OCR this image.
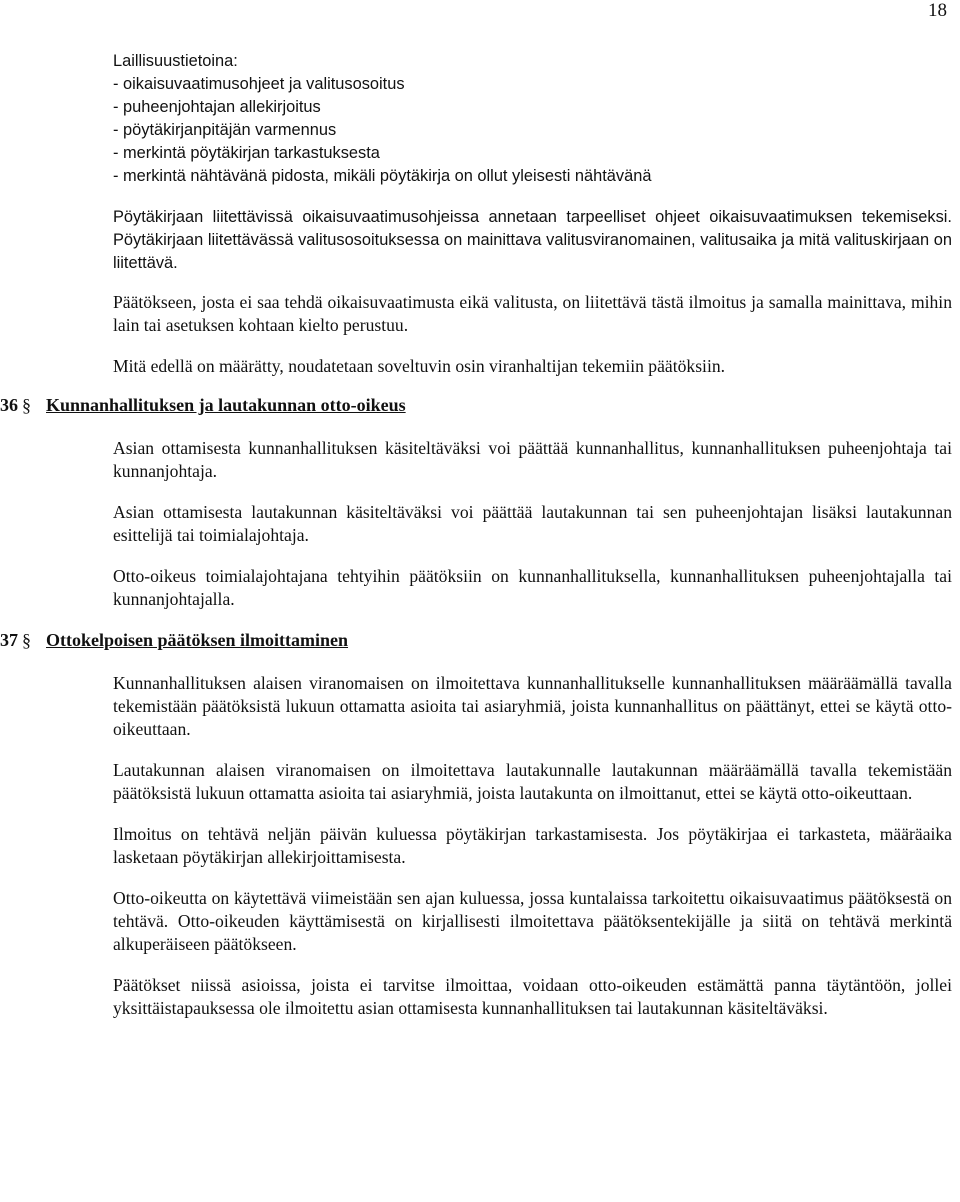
18
Laillisuustietoina:
- oikaisuvaatimusohjeet ja valitusosoitus
- puheenjohtajan allekirjoitus
- pöytäkirjanpitäjän varmennus
- merkintä pöytäkirjan tarkastuksesta
- merkintä nähtävänä pidosta, mikäli pöytäkirja on ollut yleisesti nähtävänä

Pöytäkirjaan liitettävissä oikaisuvaatimusohjeissa annetaan tarpeelliset ohjeet oikaisuvaatimuksen tekemiseksi. Pöytäkirjaan liitettävässä valitusosoituksessa on mainittava valitusviranomainen, valitusaika ja mitä valituskirjaan on liitettävä.

Päätökseen, josta ei saa tehdä oikaisuvaatimusta eikä valitusta, on liitettävä tästä ilmoitus ja samalla mainittava, mihin lain tai asetuksen kohtaan kielto perustuu.

Mitä edellä on määrätty, noudatetaan soveltuvin osin viranhaltijan tekemiin päätöksiin.

36 § Kunnanhallituksen ja lautakunnan otto-oikeus

Asian ottamisesta kunnanhallituksen käsiteltäväksi voi päättää kunnanhallitus, kunnanhallituksen puheenjohtaja tai kunnanjohtaja.

Asian ottamisesta lautakunnan käsiteltäväksi voi päättää lautakunnan tai sen puheenjohtajan lisäksi lautakunnan esittelijä tai toimialajohtaja.

Otto-oikeus toimialajohtajana tehtyihin päätöksiin on kunnanhallituksella, kunnanhallituksen puheenjohtajalla tai kunnanjohtajalla.

37 § Ottokelpoisen päätöksen ilmoittaminen

Kunnanhallituksen alaisen viranomaisen on ilmoitettava kunnanhallitukselle kunnanhallituksen määräämällä tavalla tekemistään päätöksistä lukuun ottamatta asioita tai asiaryhmiä, joista kunnanhallitus on päättänyt, ettei se käytä otto-oikeuttaan.

Lautakunnan alaisen viranomaisen on ilmoitettava lautakunnalle lautakunnan määräämällä tavalla tekemistään päätöksistä lukuun ottamatta asioita tai asiaryhmiä, joista lautakunta on ilmoittanut, ettei se käytä otto-oikeuttaan.

Ilmoitus on tehtävä neljän päivän kuluessa pöytäkirjan tarkastamisesta. Jos pöytäkirjaa ei tarkasteta, määräaika lasketaan pöytäkirjan allekirjoittamisesta.

Otto-oikeutta on käytettävä viimeistään sen ajan kuluessa, jossa kuntalaissa tarkoitettu oikaisuvaatimus päätöksestä on tehtävä. Otto-oikeuden käyttämisestä on kirjallisesti ilmoitettava päätöksentekijälle ja siitä on tehtävä merkintä alkuperäiseen päätökseen.

Päätökset niissä asioissa, joista ei tarvitse ilmoittaa, voidaan otto-oikeuden estämättä panna täytäntöön, jollei yksittäistapauksessa ole ilmoitettu asian ottamisesta kunnanhallituksen tai lautakunnan käsiteltäväksi.
